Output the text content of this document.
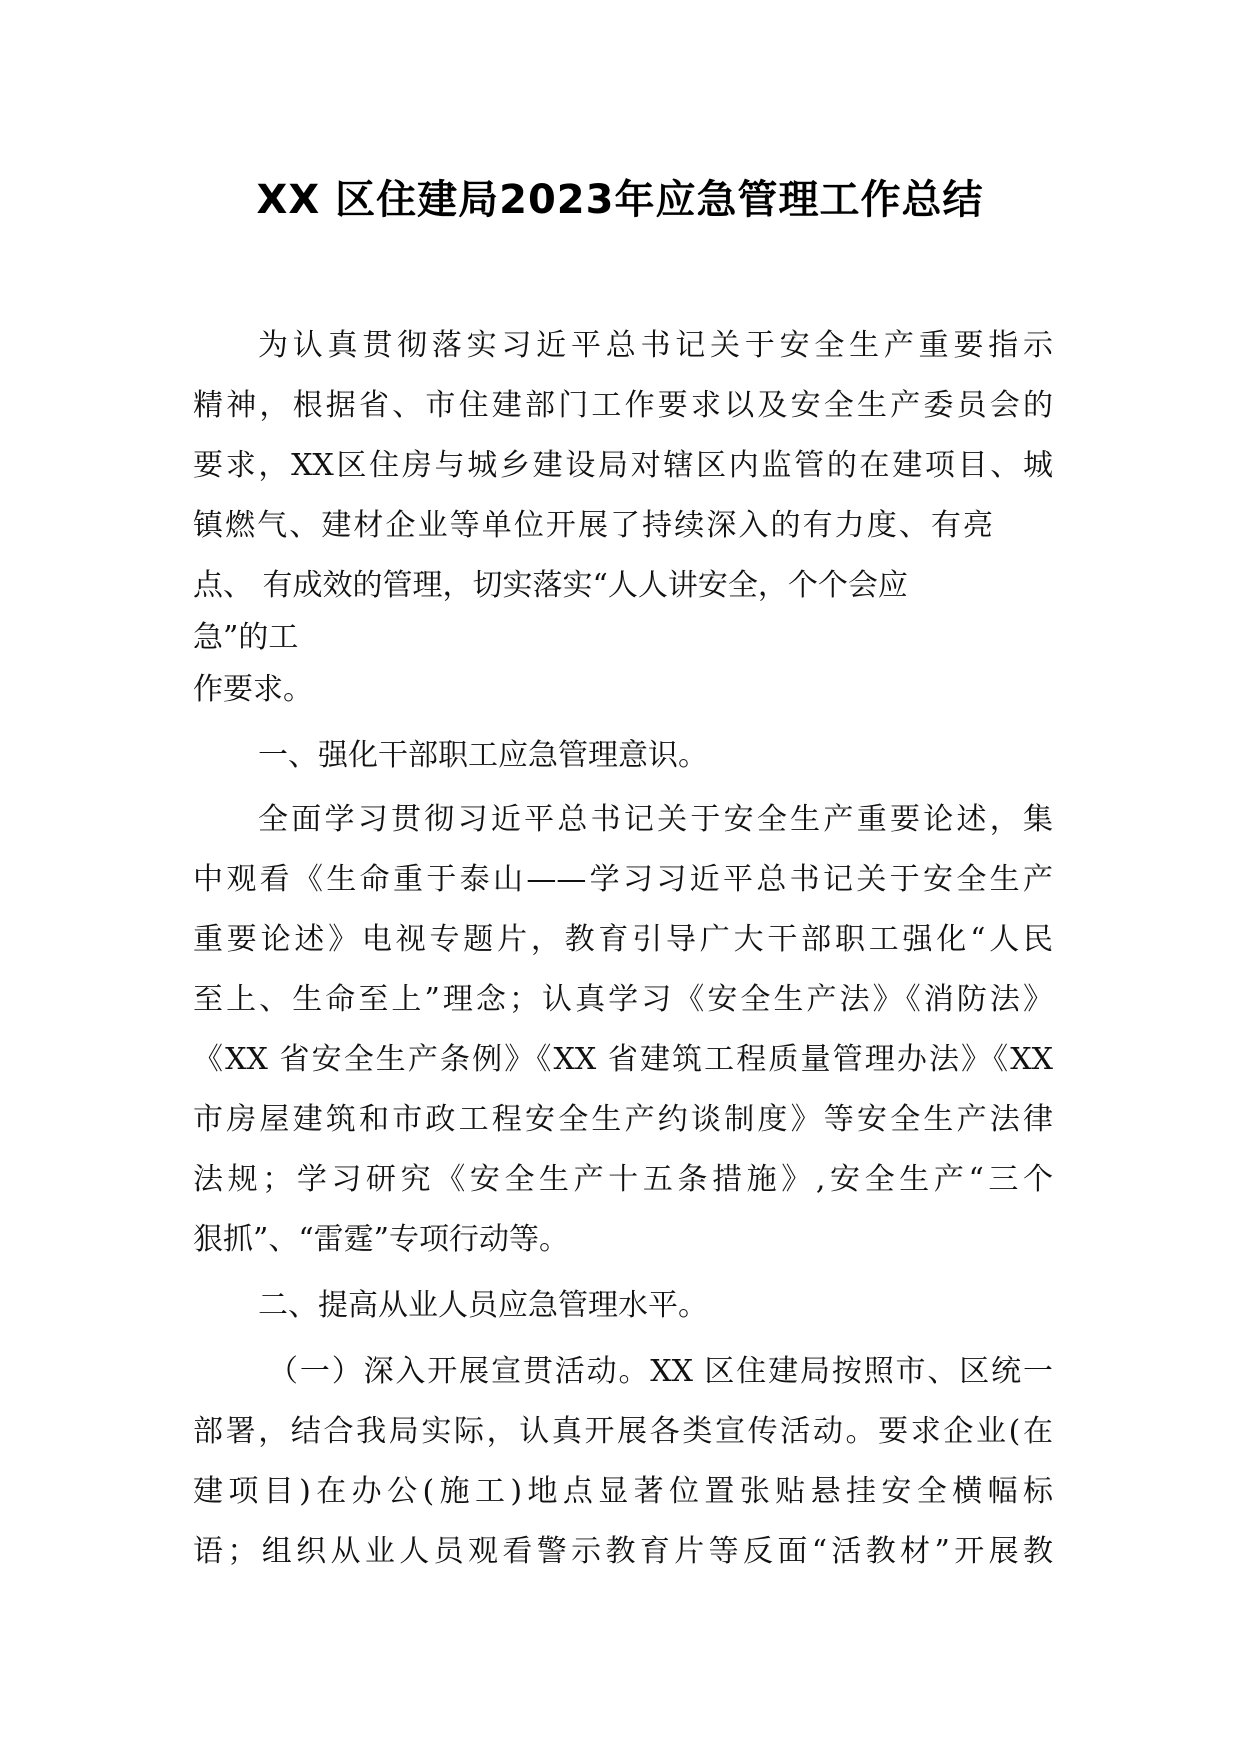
XX 区住建局2023年应急管理工作总结
为认真贯彻落实习近平总书记关于安全生产重要指示
精神，根据省、市住建部门工作要求以及安全生产委员会的
要求，XX区住房与城乡建设局对辖区内监管的在建项目、城
镇燃气、建材企业等单位开展了持续深入的有力度、有亮
点、 有成效的管理，切实落实“人人讲安全，个个会应
急”的工
作要求。
一、强化干部职工应急管理意识。
全面学习贯彻习近平总书记关于安全生产重要论述，集
中观看《生命重于泰山——学习习近平总书记关于安全生产
重要论述》电视专题片，教育引导广大干部职工强化“人民
至上、生命至上”理念；认真学习《安全生产法》《消防法》
《XX 省安全生产条例》《XX 省建筑工程质量管理办法》《XX
市房屋建筑和市政工程安全生产约谈制度》等安全生产法律
法规；学习研究《安全生产十五条措施》,安全生产“三个
狠抓”、“雷霆”专项行动等。
二、提高从业人员应急管理水平。
（一）深入开展宣贯活动。XX 区住建局按照市、区统一
部署，结合我局实际，认真开展各类宣传活动。要求企业(在
建项目)在办公(施工)地点显著位置张贴悬挂安全横幅标
语；组织从业人员观看警示教育片等反面“活教材”开展教
